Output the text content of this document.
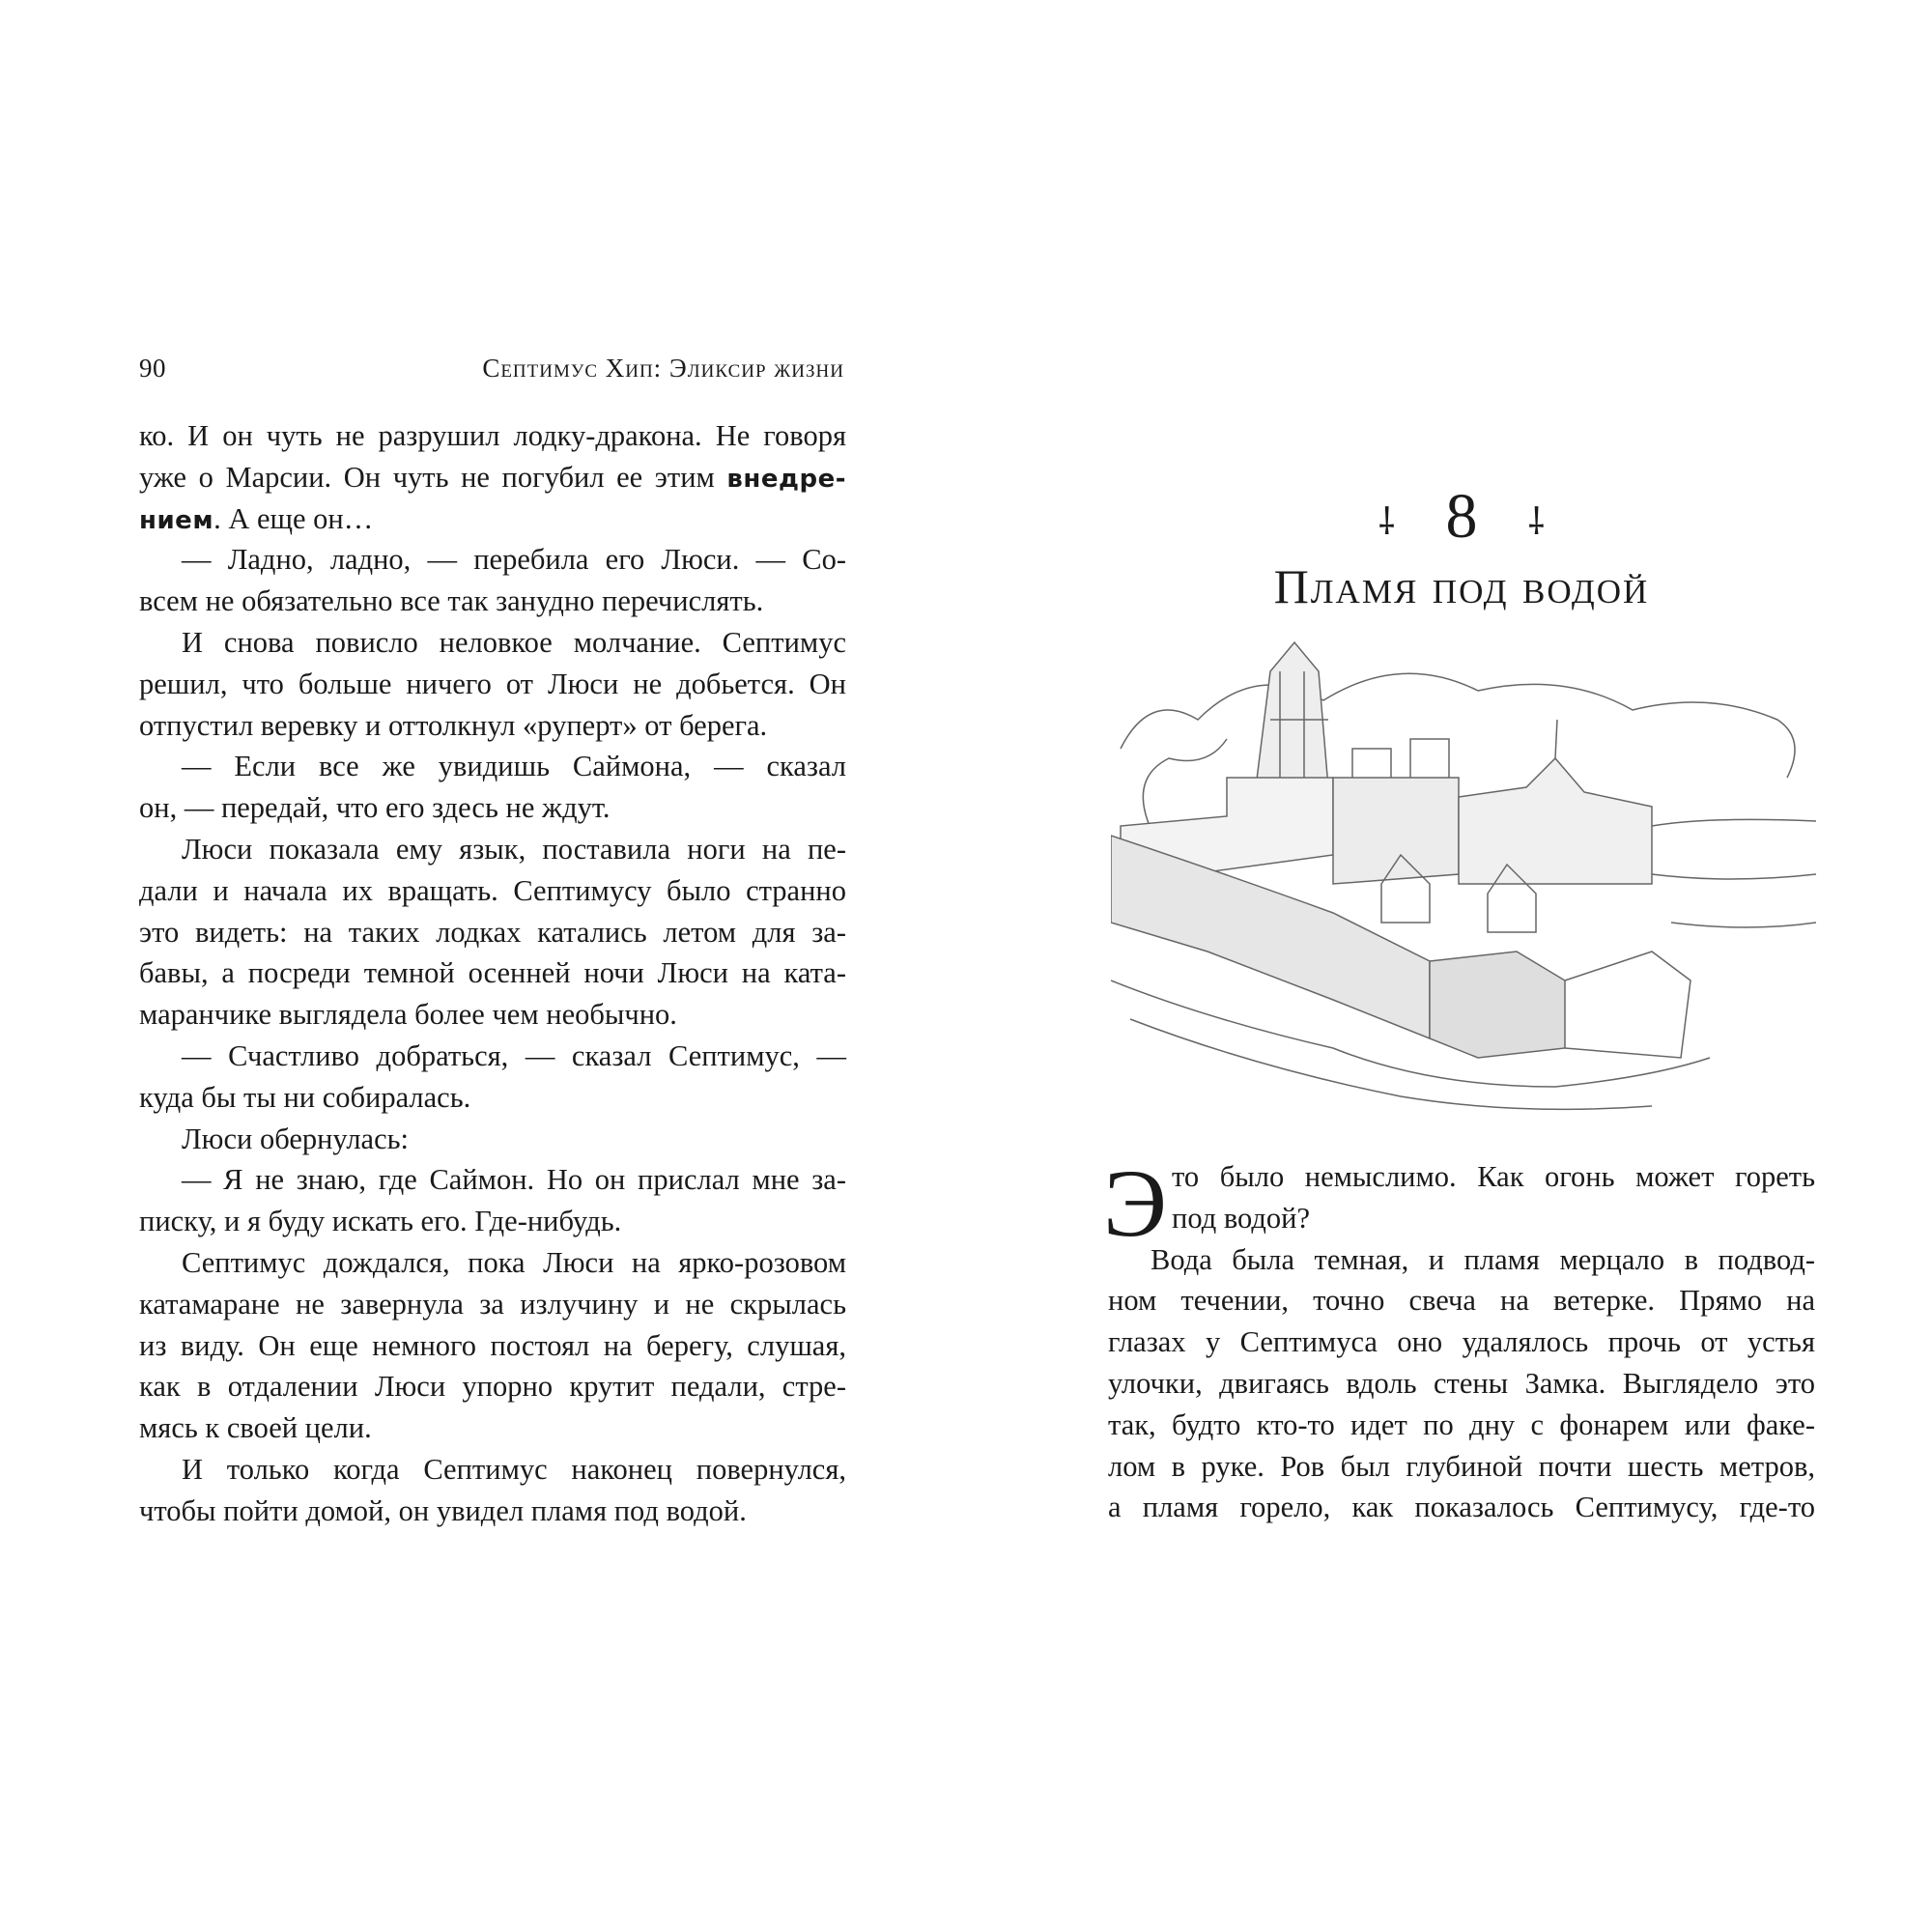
90	Септимус Хип: Эликсир жизни
ко. И он чуть не разрушил лодку-дракона. Не говоря
уже о Марсии. Он чуть не погубил ее этим внедре-
нием. А еще он…
— Ладно, ладно, — перебила его Люси. — Со-
всем не обязательно все так занудно перечислять.
И снова повисло неловкое молчание. Септимус
решил, что больше ничего от Люси не добьется. Он
отпустил веревку и оттолкнул «руперт» от берега.
— Если все же увидишь Саймона, — сказал
он, — передай, что его здесь не ждут.
Люси показала ему язык, поставила ноги на пе-
дали и начала их вращать. Септимусу было странно
это видеть: на таких лодках катались летом для за-
бавы, а посреди темной осенней ночи Люси на ката-
маранчике выглядела более чем необычно.
— Счастливо добраться, — сказал Септимус, —
куда бы ты ни собиралась.
Люси обернулась:
— Я не знаю, где Саймон. Но он прислал мне за-
писку, и я буду искать его. Где-нибудь.
Септимус дождался, пока Люси на ярко-розовом
катамаране не завернула за излучину и не скрылась
из виду. Он еще немного постоял на берегу, слушая,
как в отдалении Люси упорно крутит педали, стре-
мясь к своей цели.
И только когда Септимус наконец повернулся,
чтобы пойти домой, он увидел пламя под водой.
⸸ 8 ⸸
Пламя под водой
Э то было немыслимо. Как огонь может гореть
под водой?
Вода была темная, и пламя мерцало в подвод-
ном течении, точно свеча на ветерке. Прямо на
глазах у Септимуса оно удалялось прочь от устья
улочки, двигаясь вдоль стены Замка. Выглядело это
так, будто кто-то идет по дну с фонарем или факе-
лом в руке. Ров был глубиной почти шесть метров,
а пламя горело, как показалось Септимусу, где-то
